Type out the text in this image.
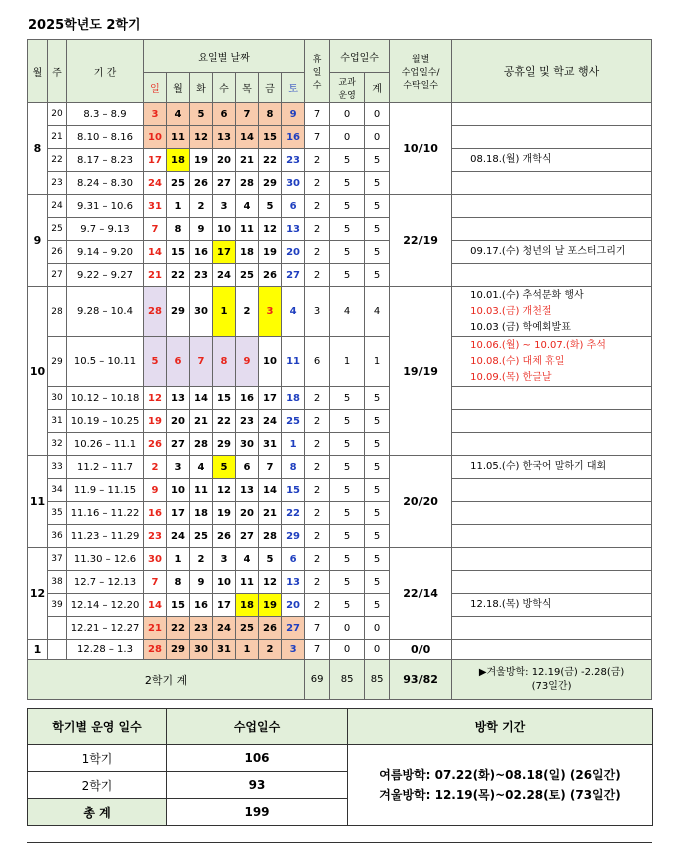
2025학년도 2학기
월	주	기 간	요일별 날짜							휴
일
수	수업일수		월별
수업일수/
수탁일수	공휴일 및 학교 행사
			일	월	화	수	목	금	토		교과
운영	계		
8	20	8.3 – 8.9	3	4	5	6	7	8	9	7	0	0	10/10	
	21	8.10 – 8.16	10	11	12	13	14	15	16	7	0	0		
	22	8.17 – 8.23	17	18	19	20	21	22	23	2	5	5		08.18.(월) 개학식

	23	8.24 – 8.30	24	25	26	27	28	29	30	2	5	5		
9	24	9.31 – 10.6	31	1	2	3	4	5	6	2	5	5	22/19	
	25	9.7 – 9.13	7	8	9	10	11	12	13	2	5	5		
	26	9.14 – 9.20	14	15	16	17	18	19	20	2	5	5		09.17.(수) 청년의 날 포스터그리기

	27	9.22 – 9.27	21	22	23	24	25	26	27	2	5	5		
10	28	9.28 – 10.4	28	29	30	1	2	3	4	3	4	4	19/19	10.01.(수) 추석문화 행사
10.03.(금) 개천절
10.03 (금) 학예회발표

	29	10.5 – 10.11	5	6	7	8	9	10	11	6	1	1		10.06.(월) ~ 10.07.(화) 추석
10.08.(수) 대체 휴일
10.09.(목) 한글날

	30	10.12 – 10.18	12	13	14	15	16	17	18	2	5	5		
	31	10.19 – 10.25	19	20	21	22	23	24	25	2	5	5		
	32	10.26 – 11.1	26	27	28	29	30	31	1	2	5	5		
11	33	11.2 – 11.7	2	3	4	5	6	7	8	2	5	5	20/20	11.05.(수) 한국어 말하기 대회

	34	11.9 – 11.15	9	10	11	12	13	14	15	2	5	5		
	35	11.16 – 11.22	16	17	18	19	20	21	22	2	5	5		
	36	11.23 – 11.29	23	24	25	26	27	28	29	2	5	5		
12	37	11.30 – 12.6	30	1	2	3	4	5	6	2	5	5	22/14	
	38	12.7 – 12.13	7	8	9	10	11	12	13	2	5	5		
	39	12.14 – 12.20	14	15	16	17	18	19	20	2	5	5		12.18.(목) 방학식

		12.21 – 12.27	21	22	23	24	25	26	27	7	0	0		
1		12.28 – 1.3	28	29	30	31	1	2	3	7	0	0	0/0	
2학기 계										69	85	85	93/82	▶겨울방학: 12.19(금) -2.28(금)
(73일간)
학기별 운영 일수	수업일수	방학 기간
1학기	106	여름방학: 07.22(화)~08.18(일) (26일간)
겨울방학: 12.19(목)~02.28(토) (73일간)

2학기	93	
총 계	199	
